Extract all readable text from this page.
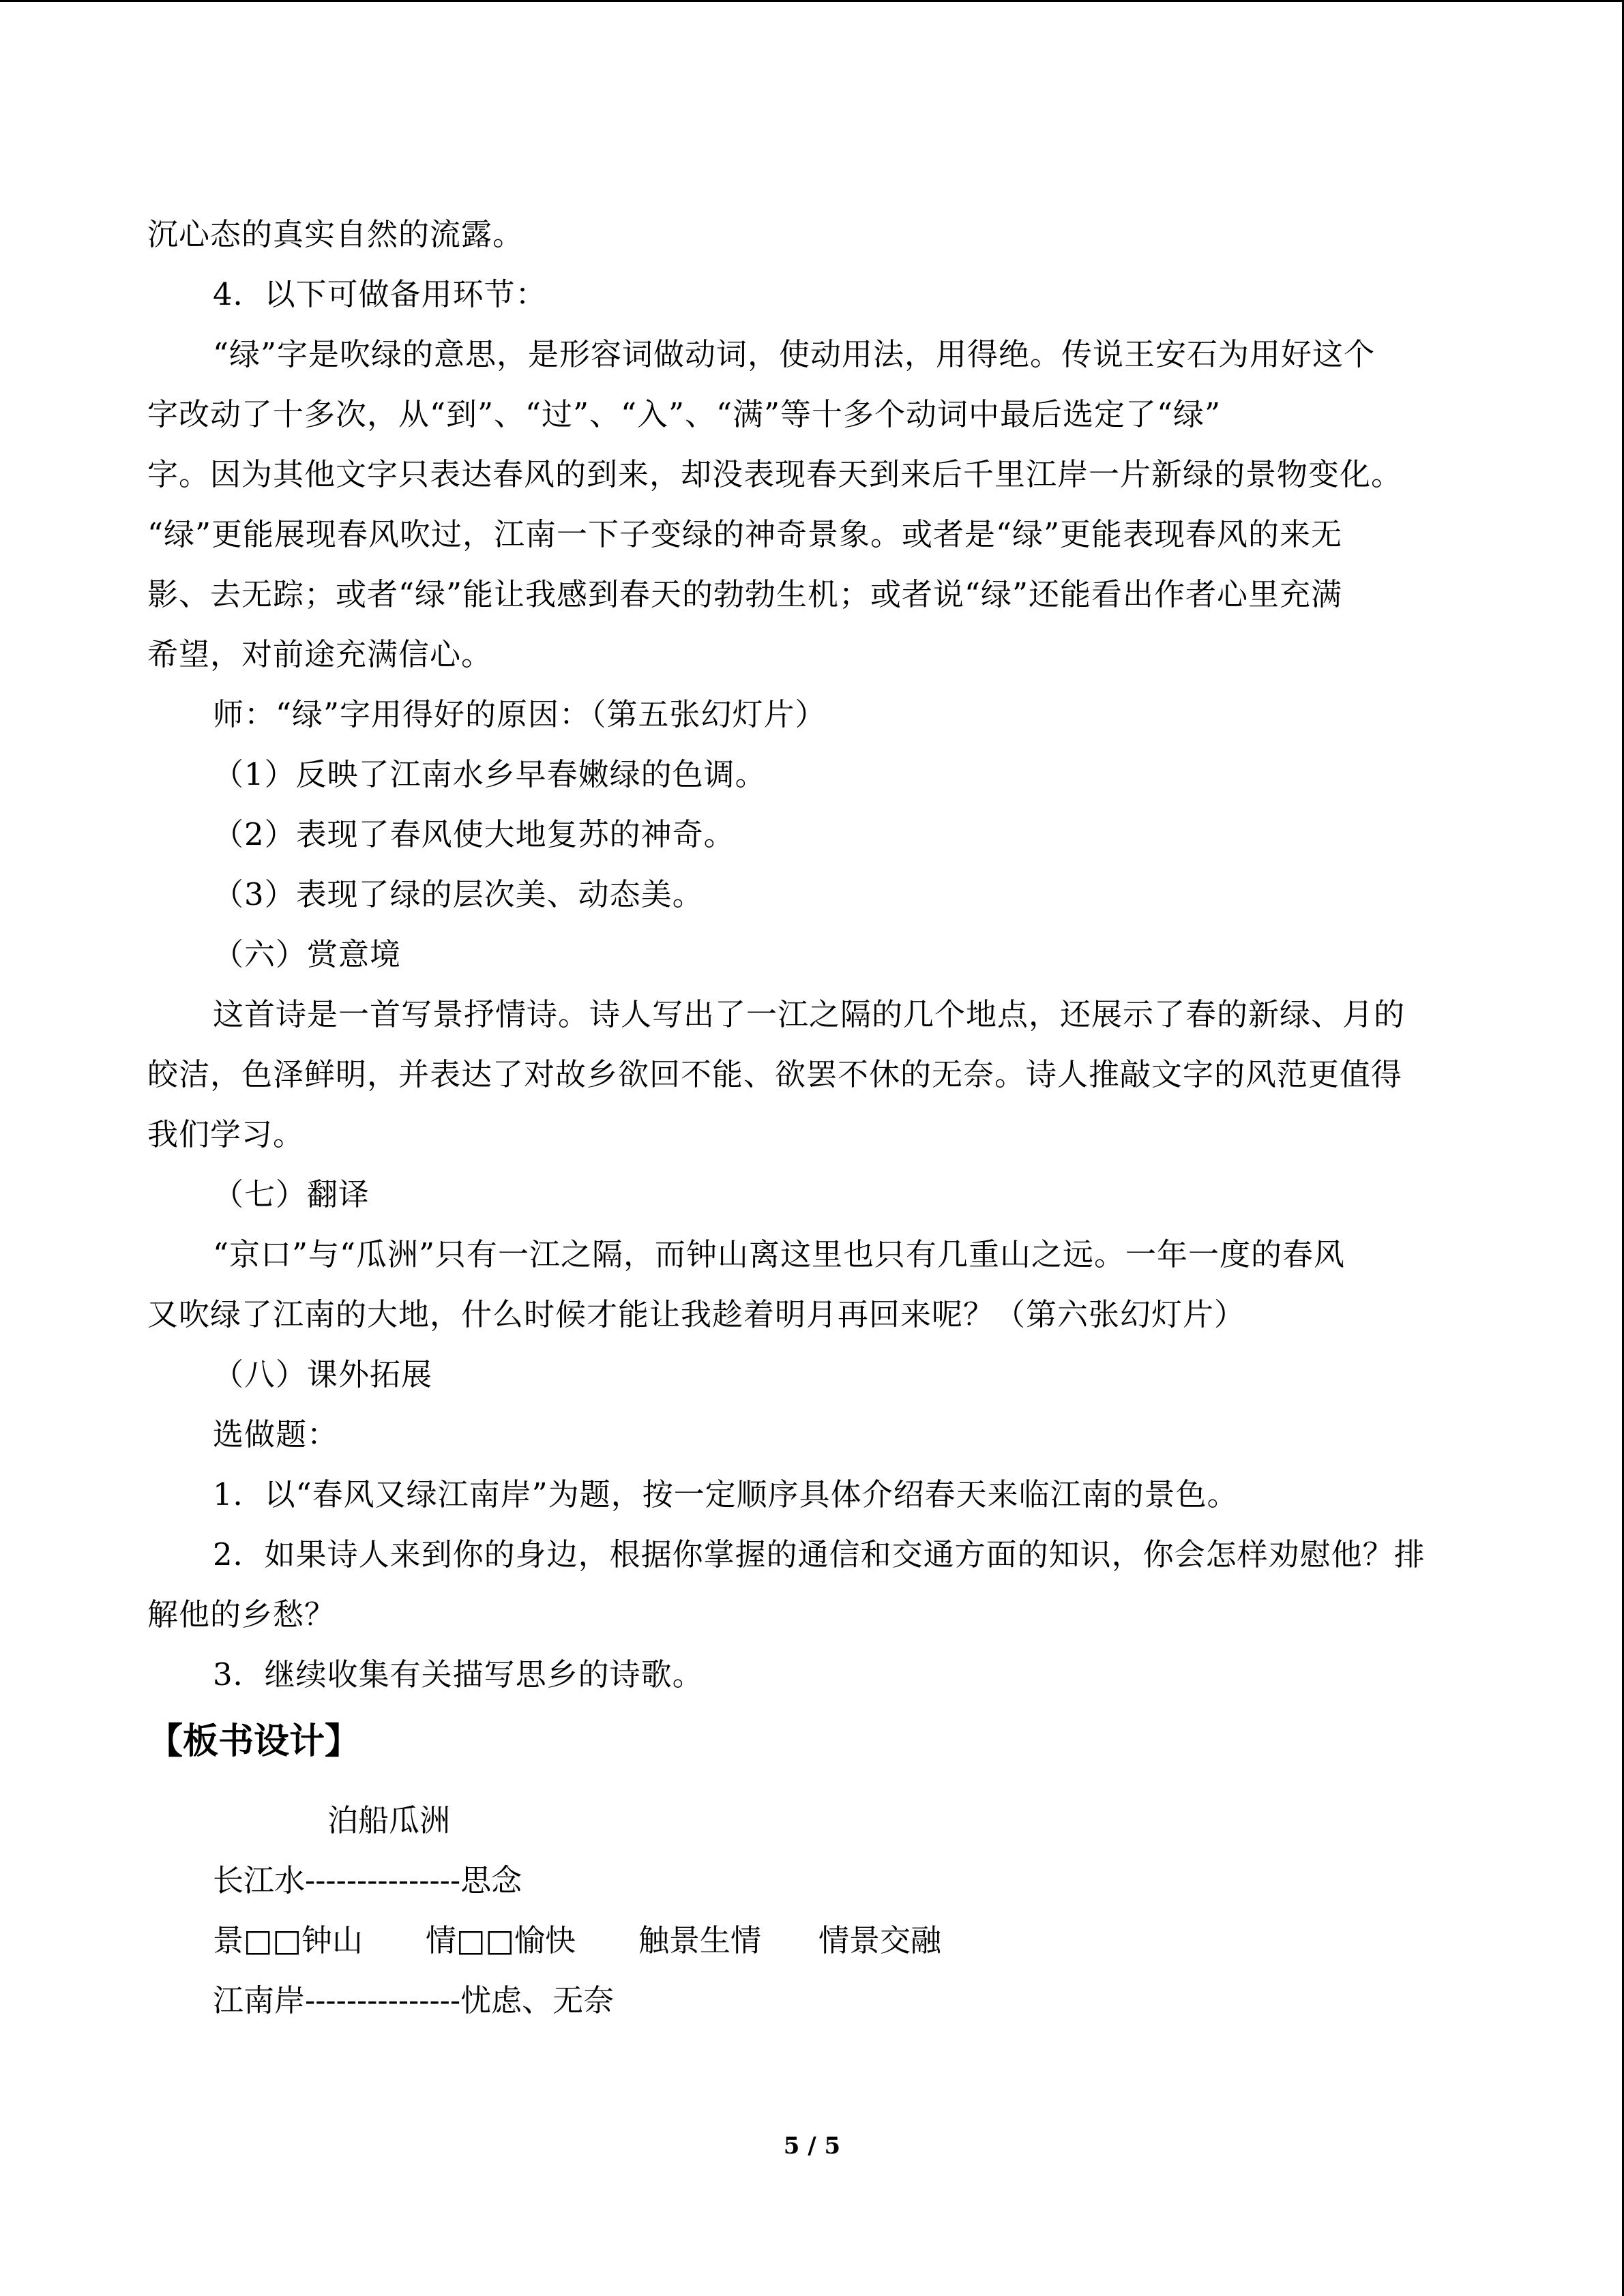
沉心态的真实自然的流露。

4．以下可做备用环节：

“绿”字是吹绿的意思，是形容词做动词，使动用法，用得绝。传说王安石为用好这个

字改动了十多次，从“到”、“过”、“入”、“满”等十多个动词中最后选定了“绿”

字。因为其他文字只表达春风的到来，却没表现春天到来后千里江岸一片新绿的景物变化。

“绿”更能展现春风吹过，江南一下子变绿的神奇景象。或者是“绿”更能表现春风的来无

影、去无踪；或者“绿”能让我感到春天的勃勃生机；或者说“绿”还能看出作者心里充满

希望，对前途充满信心。

师：“绿”字用得好的原因：（第五张幻灯片）

（1）反映了江南水乡早春嫩绿的色调。

（2）表现了春风使大地复苏的神奇。

（3）表现了绿的层次美、动态美。

（六）赏意境

这首诗是一首写景抒情诗。诗人写出了一江之隔的几个地点，还展示了春的新绿、月的

皎洁，色泽鲜明，并表达了对故乡欲回不能、欲罢不休的无奈。诗人推敲文字的风范更值得

我们学习。

（七）翻译

“京口”与“瓜洲”只有一江之隔，而钟山离这里也只有几重山之远。一年一度的春风

又吹绿了江南的大地，什么时候才能让我趁着明月再回来呢？（第六张幻灯片）

（八）课外拓展

选做题：

1．以“春风又绿江南岸”为题，按一定顺序具体介绍春天来临江南的景色。

2．如果诗人来到你的身边，根据你掌握的通信和交通方面的知识，你会怎样劝慰他？排

解他的乡愁？

3．继续收集有关描写思乡的诗歌。

【板书设计】

泊船瓜洲

长江水---------------思念

景□□钟山 情□□愉快 触景生情 情景交融

江南岸---------------忧虑、无奈

5 / 5
